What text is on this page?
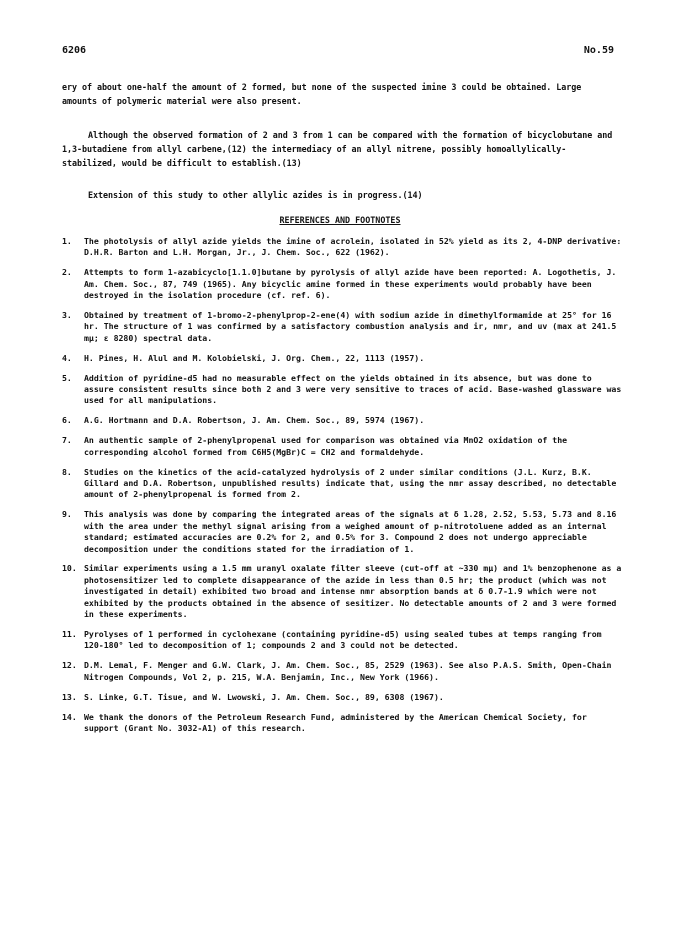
6206	No.59
ery of about one-half the amount of 2 formed, but none of the suspected imine 3 could be obtained. Large amounts of polymeric material were also present.
Although the observed formation of 2 and 3 from 1 can be compared with the formation of bicyclobutane and 1,3-butadiene from allyl carbene,(12) the intermediacy of an allyl nitrene, possibly homoallylically-stabilized, would be difficult to establish.(13)
Extension of this study to other allylic azides is in progress.(14)
REFERENCES AND FOOTNOTES
1.	The photolysis of allyl azide yields the imine of acrolein, isolated in 52% yield as its 2, 4-DNP derivative: D.H.R. Barton and L.H. Morgan, Jr., J. Chem. Soc., 622 (1962).
2.	Attempts to form 1-azabicyclo[1.1.0]butane by pyrolysis of allyl azide have been reported: A. Logothetis, J. Am. Chem. Soc., 87, 749 (1965). Any bicyclic amine formed in these experiments would probably have been destroyed in the isolation procedure (cf. ref. 6).
3.	Obtained by treatment of 1-bromo-2-phenylprop-2-ene(4) with sodium azide in dimethylformamide at 25° for 16 hr. The structure of 1 was confirmed by a satisfactory combustion analysis and ir, nmr, and uv (max at 241.5 mμ; ε 8280) spectral data.
4.	H. Pines, H. Alul and M. Kolobielski, J. Org. Chem., 22, 1113 (1957).
5.	Addition of pyridine-d5 had no measurable effect on the yields obtained in its absence, but was done to assure consistent results since both 2 and 3 were very sensitive to traces of acid. Base-washed glassware was used for all manipulations.
6.	A.G. Hortmann and D.A. Robertson, J. Am. Chem. Soc., 89, 5974 (1967).
7.	An authentic sample of 2-phenylpropenal used for comparison was obtained via MnO2 oxidation of the corresponding alcohol formed from C6H5(MgBr)C = CH2 and formaldehyde.
8.	Studies on the kinetics of the acid-catalyzed hydrolysis of 2 under similar conditions (J.L. Kurz, B.K. Gillard and D.A. Robertson, unpublished results) indicate that, using the nmr assay described, no detectable amount of 2-phenylpropenal is formed from 2.
9.	This analysis was done by comparing the integrated areas of the signals at δ 1.28, 2.52, 5.53, 5.73 and 8.16 with the area under the methyl signal arising from a weighed amount of p-nitrotoluene added as an internal standard; estimated accuracies are 0.2% for 2, and 0.5% for 3. Compound 2 does not undergo appreciable decomposition under the conditions stated for the irradiation of 1.
10. Similar experiments using a 1.5 mm uranyl oxalate filter sleeve (cut-off at ~330 mμ) and 1% benzophenone as a photosensitizer led to complete disappearance of the azide in less than 0.5 hr; the product (which was not investigated in detail) exhibited two broad and intense nmr absorption bands at δ 0.7-1.9 which were not exhibited by the products obtained in the absence of sesitizer. No detectable amounts of 2 and 3 were formed in these experiments.
11. Pyrolyses of 1 performed in cyclohexane (containing pyridine-d5) using sealed tubes at temps ranging from 120-180° led to decomposition of 1; compounds 2 and 3 could not be detected.
12. D.M. Lemal, F. Menger and G.W. Clark, J. Am. Chem. Soc., 85, 2529 (1963). See also P.A.S. Smith, Open-Chain Nitrogen Compounds, Vol 2, p. 215, W.A. Benjamin, Inc., New York (1966).
13. S. Linke, G.T. Tisue, and W. Lwowski, J. Am. Chem. Soc., 89, 6308 (1967).
14. We thank the donors of the Petroleum Research Fund, administered by the American Chemical Society, for support (Grant No. 3032-A1) of this research.
